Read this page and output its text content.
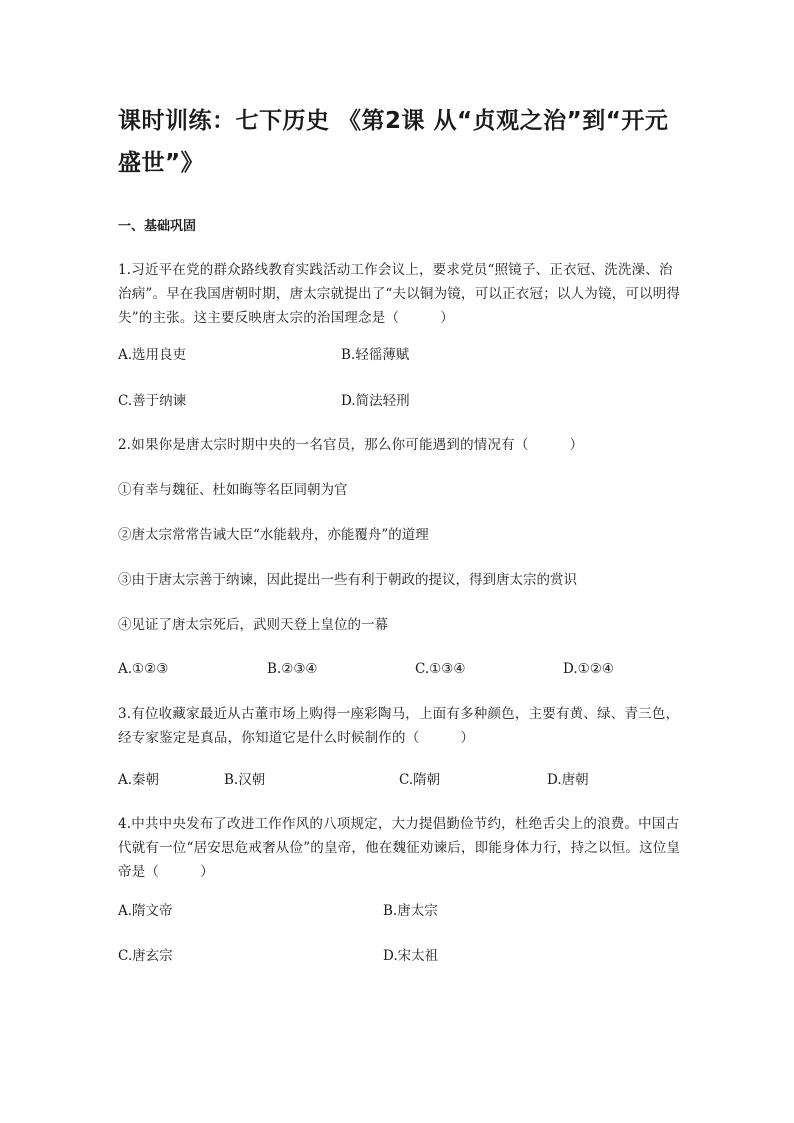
课时训练：七下历史 《第2课 从“贞观之治”到“开元盛世”》
一、基础巩固
1.习近平在党的群众路线教育实践活动工作会议上，要求党员“照镜子、正衣冠、洗洗澡、治治病”。早在我国唐朝时期，唐太宗就提出了“夫以铜为镜，可以正衣冠；以人为镜，可以明得失”的主张。这主要反映唐太宗的治国理念是（　　　）
A.选用良吏	B.轻徭薄赋
C.善于纳谏	D.简法轻刑
2.如果你是唐太宗时期中央的一名官员，那么你可能遇到的情况有（　　　）
①有幸与魏征、杜如晦等名臣同朝为官
②唐太宗常常告诫大臣“水能载舟，亦能覆舟”的道理
③由于唐太宗善于纳谏，因此提出一些有利于朝政的提议，得到唐太宗的赏识
④见证了唐太宗死后，武则天登上皇位的一幕
A.①②③	B.②③④	C.①③④	D.①②④
3.有位收藏家最近从古董市场上购得一座彩陶马，上面有多种颜色，主要有黄、绿、青三色，经专家鉴定是真品，你知道它是什么时候制作的（　　　）
A.秦朝	B.汉朝	C.隋朝	D.唐朝
4.中共中央发布了改进工作作风的八项规定，大力提倡勤俭节约，杜绝舌尖上的浪费。中国古代就有一位“居安思危戒奢从俭”的皇帝，他在魏征劝谏后，即能身体力行，持之以恒。这位皇帝是（　　　）
A.隋文帝	B.唐太宗
C.唐玄宗	D.宋太祖
